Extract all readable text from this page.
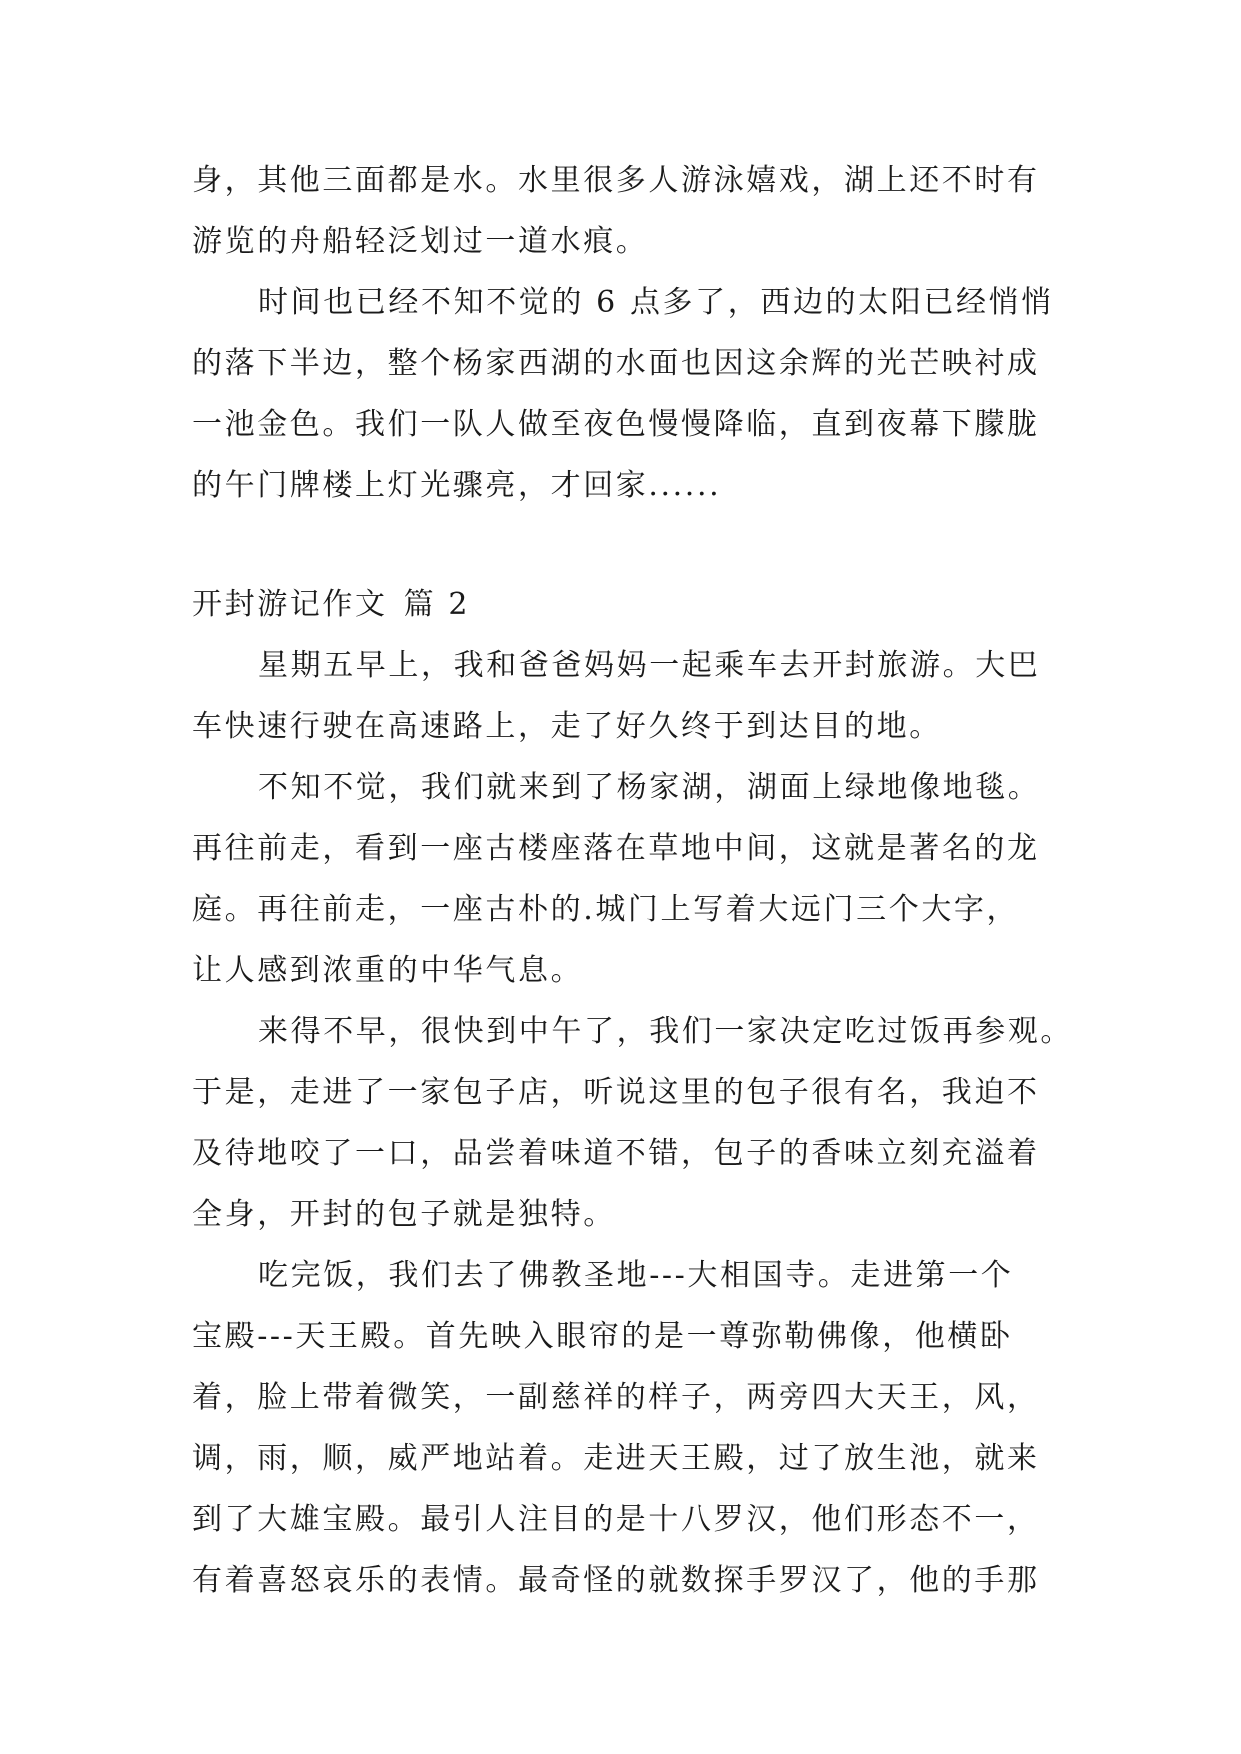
身，其他三面都是水。水里很多人游泳嬉戏，湖上还不时有
游览的舟船轻泛划过一道水痕。
时间也已经不知不觉的 6 点多了，西边的太阳已经悄悄
的落下半边，整个杨家西湖的水面也因这余辉的光芒映衬成
一池金色。我们一队人做至夜色慢慢降临，直到夜幕下朦胧
的午门牌楼上灯光骤亮，才回家......
开封游记作文 篇 2
星期五早上，我和爸爸妈妈一起乘车去开封旅游。大巴
车快速行驶在高速路上，走了好久终于到达目的地。
不知不觉，我们就来到了杨家湖，湖面上绿地像地毯。
再往前走，看到一座古楼座落在草地中间，这就是著名的龙
庭。再往前走，一座古朴的.城门上写着大远门三个大字，
让人感到浓重的中华气息。
来得不早，很快到中午了，我们一家决定吃过饭再参观。
于是，走进了一家包子店，听说这里的包子很有名，我迫不
及待地咬了一口，品尝着味道不错，包子的香味立刻充溢着
全身，开封的包子就是独特。
吃完饭，我们去了佛教圣地---大相国寺。走进第一个
宝殿---天王殿。首先映入眼帘的是一尊弥勒佛像，他横卧
着，脸上带着微笑，一副慈祥的样子，两旁四大天王，风，
调，雨，顺，威严地站着。走进天王殿，过了放生池，就来
到了大雄宝殿。最引人注目的是十八罗汉，他们形态不一，
有着喜怒哀乐的表情。最奇怪的就数探手罗汉了，他的手那
